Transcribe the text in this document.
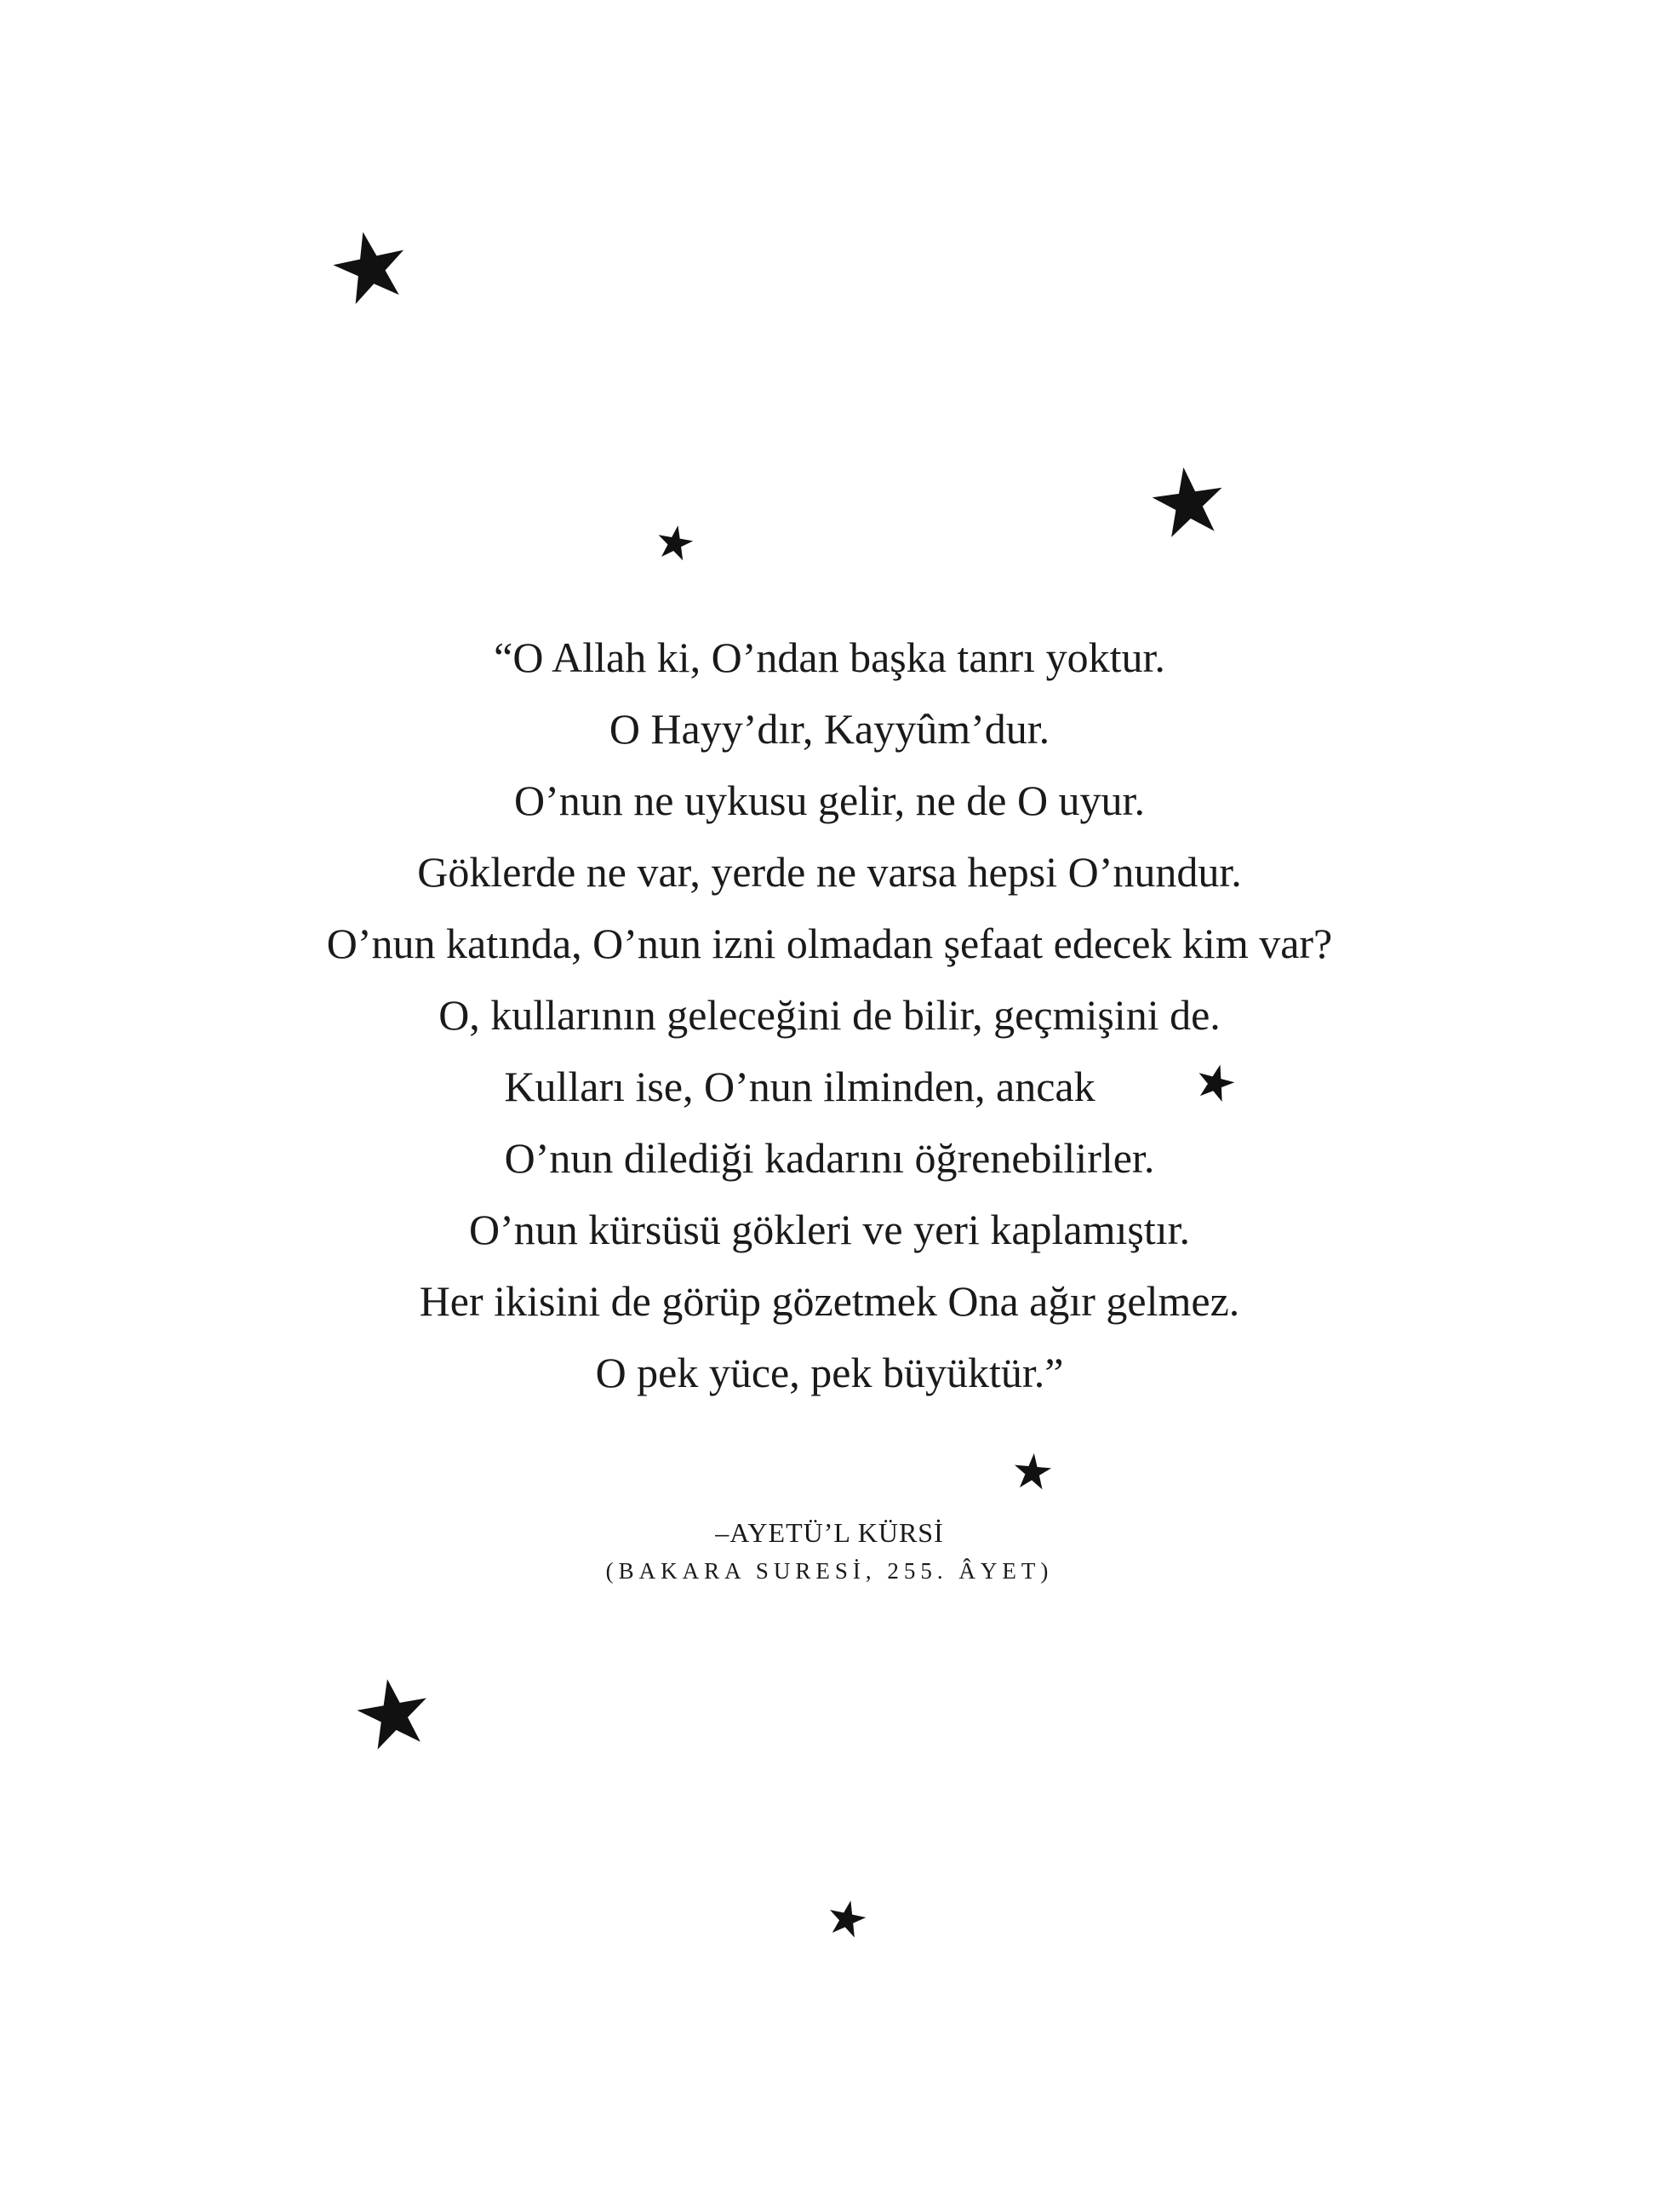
“O Allah ki, O’ndan başka tanrı yoktur.
O Hayy’dır, Kayyûm’dur.
O’nun ne uykusu gelir, ne de O uyur.
Göklerde ne var, yerde ne varsa hepsi O’nundur.
O’nun katında, O’nun izni olmadan şefaat edecek kim var?
O, kullarının geleceğini de bilir, geçmişini de.
Kulları ise, O’nun ilminden, ancak
O’nun dilediği kadarını öğrenebilirler.
O’nun kürsüsü gökleri ve yeri kaplamıştır.
Her ikisini de görüp gözetmek Ona ağır gelmez.
O pek yüce, pek büyüktür.”
–AYETÜ’L KÜRSİ
(BAKARA SURESİ, 255. ÂYET)
